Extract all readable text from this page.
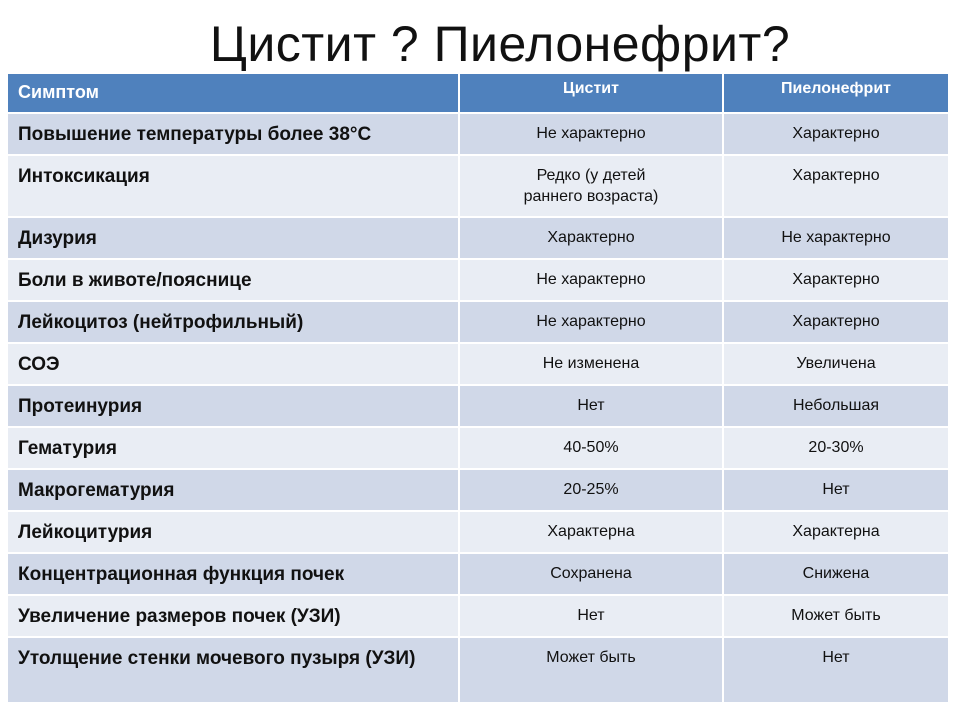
Цистит ? Пиелонефрит?
Симптом	Цистит	Пиелонефрит
Повышение температуры более 38°С	Не характерно	Характерно
Интоксикация	Редко (у детей раннего возраста)	Характерно
Дизурия	Характерно	Не характерно
Боли в животе/пояснице	Не характерно	Характерно
Лейкоцитоз (нейтрофильный)	Не характерно	Характерно
СОЭ	Не изменена	Увеличена
Протеинурия	Нет	Небольшая
Гематурия	40-50%	20-30%
Макрогематурия	20-25%	Нет
Лейкоцитурия	Характерна	Характерна
Концентрационная функция почек	Сохранена	Снижена
Увеличение размеров почек (УЗИ)	Нет	Может быть
Утолщение стенки мочевого пузыря (УЗИ)	Может быть	Нет
